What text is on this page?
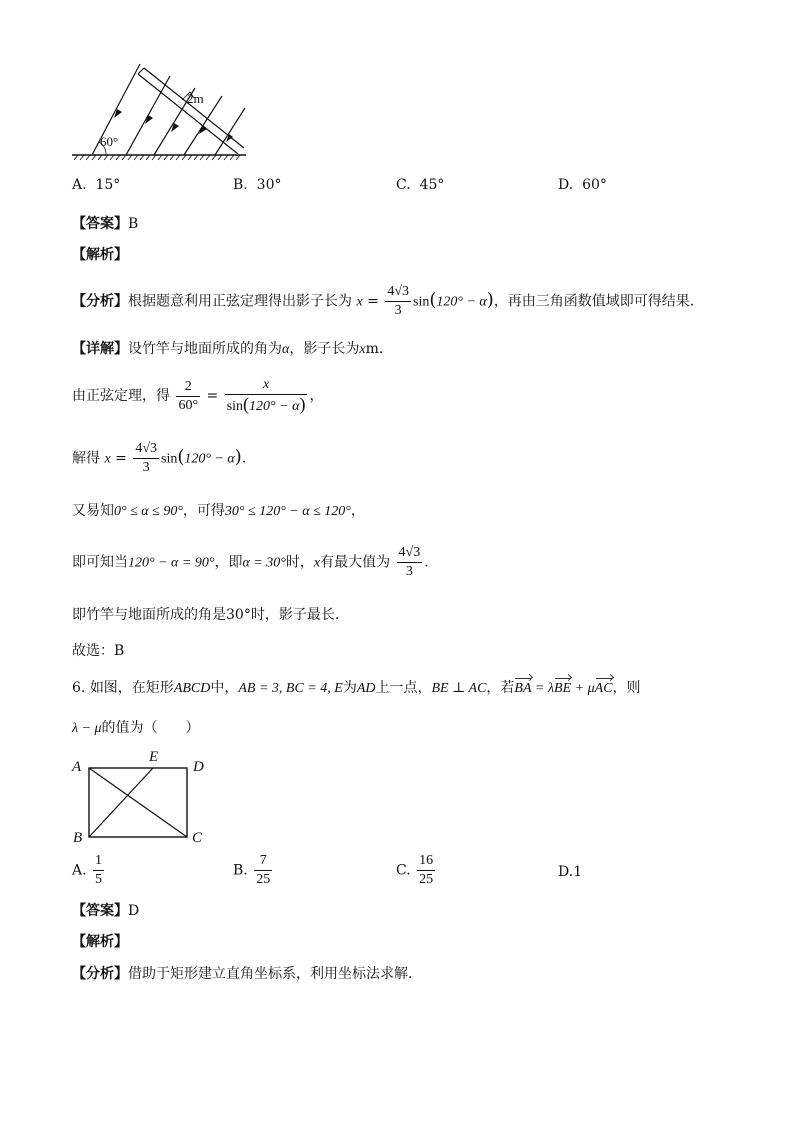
60°
2m
A. 15°	B. 30°	C. 45°	D. 60°
【答案】B
【解析】
【分析】根据题意利用正弦定理得出影子长为 $x = \frac{4√3}{3} \sin(120^\circ - \alpha)$，再由三角函数值域即可得结果.
【详解】设竹竿与地面所成的角为α，影子长为xm.
由正弦定理，得 $\frac{2}{60^\circ} = \frac{x}{\sin(120^\circ - \alpha)}$ ，
解得 $x = \frac{4√3}{3} \sin(120^\circ - \alpha)$.
又易知0° ≤ α ≤ 90°，可得30° ≤ 120° − α ≤ 120°，
即可知当120° − α = 90°，即α = 30°时，x有最大值为 $\frac{4√3}{3}$ .
即竹竿与地面所成的角是30°时，影子最长.
故选：B
6. 如图，在矩形ABCD中，AB = 3, BC = 4, E为AD上一点，BE ⊥ AC，若BA = λBE + μAC，则
λ − μ的值为（　　）
A
E
D
B	C
A. $\frac{1}{5}$	B. $\frac{7}{25}$	C. $\frac{16}{25}$	D.1
【答案】D
【解析】
【分析】借助于矩形建立直角坐标系，利用坐标法求解.
